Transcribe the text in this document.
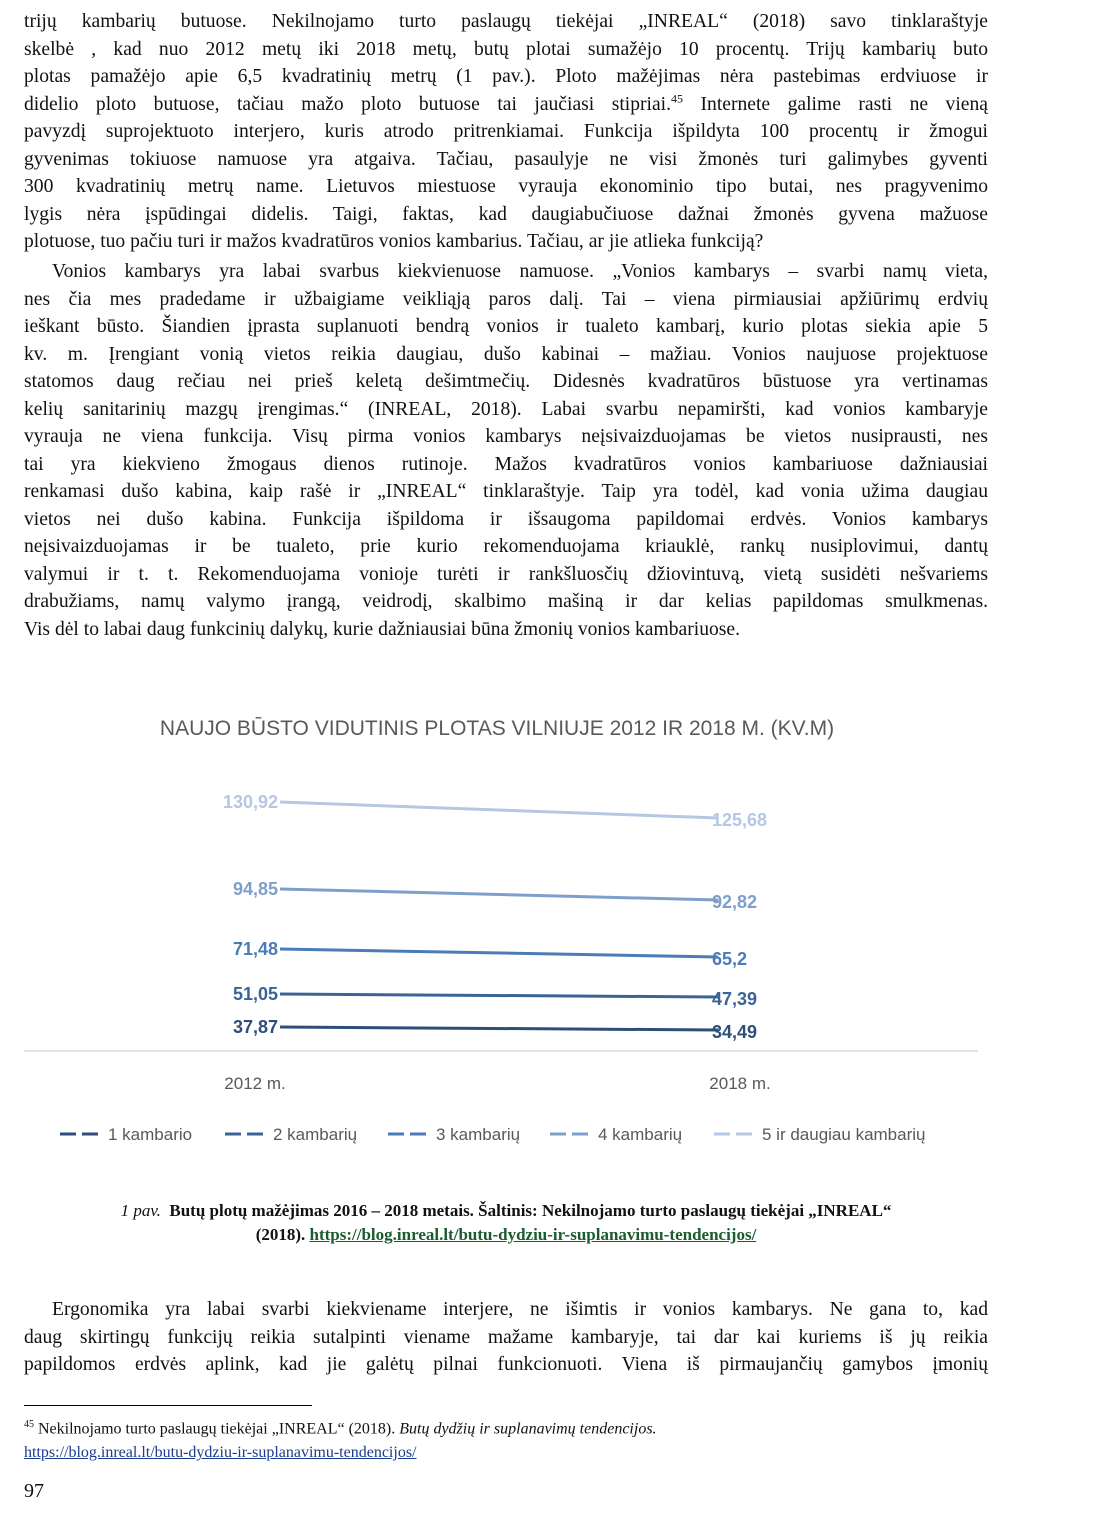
trijų kambarių butuose. Nekilnojamo turto paslaugų tiekėjai „INREAL“ (2018) savo tinklaraštyje
skelbė , kad nuo 2012 metų iki 2018 metų, butų plotai sumažėjo 10 procentų. Trijų kambarių buto
plotas pamažėjo apie 6,5 kvadratinių metrų (1 pav.). Ploto mažėjimas nėra pastebimas erdviuose ir
didelio ploto butuose, tačiau mažo ploto butuose tai jaučiasi stipriai.$^{45}$ Internete galime rasti ne vieną
pavyzdį suprojektuoto interjero, kuris atrodo pritrenkiamai. Funkcija išpildyta 100 procentų ir žmogui
gyvenimas tokiuose namuose yra atgaiva. Tačiau, pasaulyje ne visi žmonės turi galimybes gyventi
300 kvadratinių metrų name. Lietuvos miestuose vyrauja ekonominio tipo butai, nes pragyvenimo
lygis nėra įspūdingai didelis. Taigi, faktas, kad daugiabučiuose dažnai žmonės gyvena mažuose
plotuose, tuo pačiu turi ir mažos kvadratūros vonios kambarius. Tačiau, ar jie atlieka funkciją?

Vonios kambarys yra labai svarbus kiekvienuose namuose. „Vonios kambarys – svarbi namų vieta,
nes čia mes pradedame ir užbaigiame veikliąją paros dalį. Tai – viena pirmiausiai apžiūrimų erdvių
ieškant būsto. Šiandien įprasta suplanuoti bendrą vonios ir tualeto kambarį, kurio plotas siekia apie 5
kv. m. Įrengiant vonią vietos reikia daugiau, dušo kabinai – mažiau. Vonios naujuose projektuose
statomos daug rečiau nei prieš keletą dešimtmečių. Didesnės kvadratūros būstuose yra vertinamas
kelių sanitarinių mazgų įrengimas.“ (INREAL, 2018). Labai svarbu nepamiršti, kad vonios kambaryje
vyrauja ne viena funkcija. Visų pirma vonios kambarys neįsivaizduojamas be vietos nusiprausti, nes
tai yra kiekvieno žmogaus dienos rutinoje. Mažos kvadratūros vonios kambariuose dažniausiai
renkamasi dušo kabina, kaip rašė ir „INREAL“ tinklaraštyje. Taip yra todėl, kad vonia užima daugiau
vietos nei dušo kabina. Funkcija išpildoma ir išsaugoma papildomai erdvės. Vonios kambarys
neįsivaizduojamas ir be tualeto, prie kurio rekomenduojama kriauklė, rankų nusiplovimui, dantų
valymui ir t. t. Rekomenduojama vonioje turėti ir rankšluosčių džiovintuvą, vietą susidėti nešvariems
drabužiams, namų valymo įrangą, veidrodį, skalbimo mašiną ir dar kelias papildomas smulkmenas.
Vis dėl to labai daug funkcinių dalykų, kurie dažniausiai būna žmonių vonios kambariuose.

NAUJO BŪSTO VIDUTINIS PLOTAS VILNIUJE 2012 IR 2018 M. (KV.M)
37,87	34,49
51,05	47,39
71,48	65,2
94,85
92,82
130,92
125,68
2012 m.	2018 m.
1 kambario	2 kambarių	3 kambarių	4 kambarių	5 ir daugiau kambarių
1 pav. Butų plotų mažėjimas 2016 – 2018 metais. Šaltinis: Nekilnojamo turto paslaugų tiekėjai „INREAL“
(2018). https://blog.inreal.lt/butu-dydziu-ir-suplanavimu-tendencijos/

Ergonomika yra labai svarbi kiekviename interjere, ne išimtis ir vonios kambarys. Ne gana to, kad
daug skirtingų funkcijų reikia sutalpinti viename mažame kambaryje, tai dar kai kuriems iš jų reikia
papildomos erdvės aplink, kad jie galėtų pilnai funkcionuoti. Viena iš pirmaujančių gamybos įmonių

$^{45}$ Nekilnojamo turto paslaugų tiekėjai „INREAL“ (2018). Butų dydžių ir suplanavimų tendencijos.
https://blog.inreal.lt/butu-dydziu-ir-suplanavimu-tendencijos/
97
